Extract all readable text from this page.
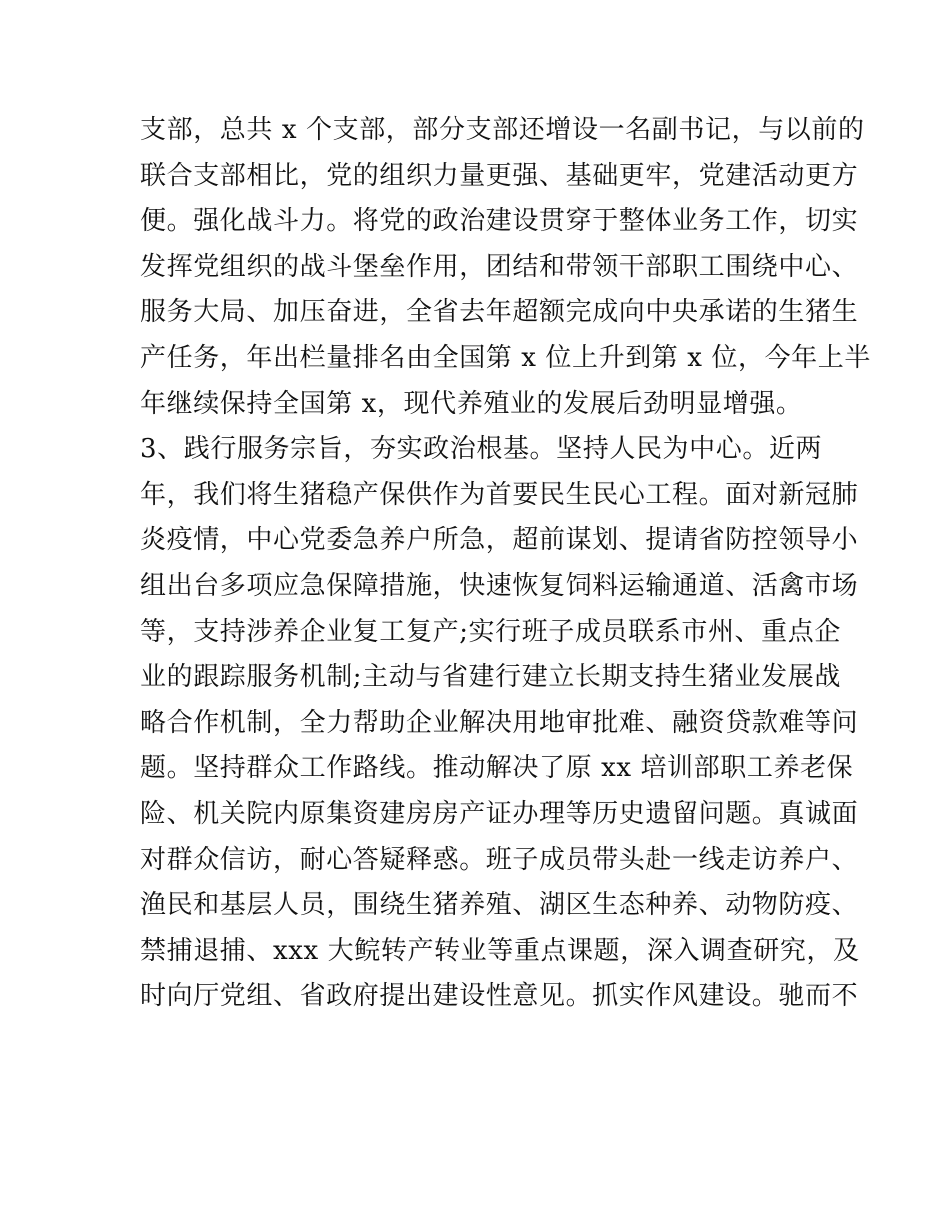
支部，总共 x 个支部，部分支部还增设一名副书记，与以前的
联合支部相比，党的组织力量更强、基础更牢，党建活动更方
便。强化战斗力。将党的政治建设贯穿于整体业务工作，切实
发挥党组织的战斗堡垒作用，团结和带领干部职工围绕中心、
服务大局、加压奋进，全省去年超额完成向中央承诺的生猪生
产任务，年出栏量排名由全国第 x 位上升到第 x 位，今年上半
年继续保持全国第 x，现代养殖业的发展后劲明显增强。
3、践行服务宗旨，夯实政治根基。坚持人民为中心。近两
年，我们将生猪稳产保供作为首要民生民心工程。面对新冠肺
炎疫情，中心党委急养户所急，超前谋划、提请省防控领导小
组出台多项应急保障措施，快速恢复饲料运输通道、活禽市场
等，支持涉养企业复工复产;实行班子成员联系市州、重点企
业的跟踪服务机制;主动与省建行建立长期支持生猪业发展战
略合作机制，全力帮助企业解决用地审批难、融资贷款难等问
题。坚持群众工作路线。推动解决了原 xx 培训部职工养老保
险、机关院内原集资建房房产证办理等历史遗留问题。真诚面
对群众信访，耐心答疑释惑。班子成员带头赴一线走访养户、
渔民和基层人员，围绕生猪养殖、湖区生态种养、动物防疫、
禁捕退捕、xxx 大鲩转产转业等重点课题，深入调查研究，及
时向厅党组、省政府提出建设性意见。抓实作风建设。驰而不
